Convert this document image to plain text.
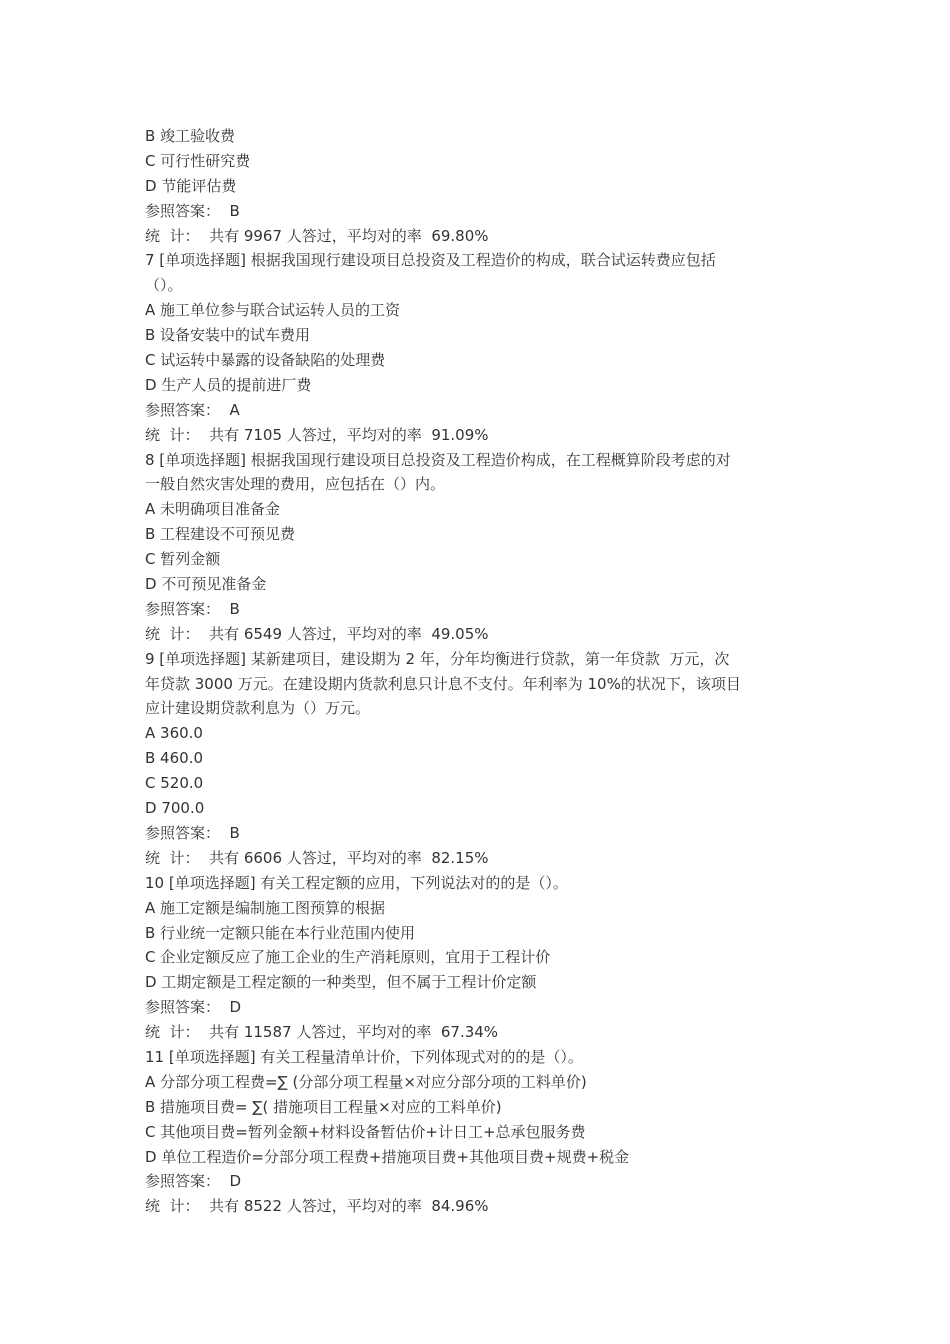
B 竣工验收费
C 可行性研究费
D 节能评估费
参照答案：  B
统  计：  共有 9967 人答过，平均对的率  69.80%
7 [单项选择题] 根据我国现行建设项目总投资及工程造价的构成，联合试运转费应包括
（）。
A 施工单位参与联合试运转人员的工资
B 设备安装中的试车费用
C 试运转中暴露的设备缺陷的处理费
D 生产人员的提前进厂费
参照答案：  A
统  计：  共有 7105 人答过，平均对的率  91.09%
8 [单项选择题] 根据我国现行建设项目总投资及工程造价构成，在工程概算阶段考虑的对
一般自然灾害处理的费用，应包括在（）内。
A 未明确项目准备金
B 工程建设不可预见费
C 暂列金额
D 不可预见准备金
参照答案：  B
统  计：  共有 6549 人答过，平均对的率  49.05%
9 [单项选择题] 某新建项目，建设期为 2 年，分年均衡进行贷款，第一年贷款  万元，次
年贷款 3000 万元。在建设期内货款利息只计息不支付。年利率为 10%的状况下，该项目
应计建设期贷款利息为（）万元。
A 360.0
B 460.0
C 520.0
D 700.0
参照答案：  B
统  计：  共有 6606 人答过，平均对的率  82.15%
10 [单项选择题] 有关工程定额的应用，下列说法对的的是（）。
A 施工定额是编制施工图预算的根据
B 行业统一定额只能在本行业范围内使用
C 企业定额反应了施工企业的生产消耗原则，宜用于工程计价
D 工期定额是工程定额的一种类型，但不属于工程计价定额
参照答案：  D
统  计：  共有 11587 人答过，平均对的率  67.34%
11 [单项选择题] 有关工程量清单计价，下列体现式对的的是（）。
A 分部分项工程费=∑ (分部分项工程量×对应分部分项的工料单价)
B 措施项目费= ∑( 措施项目工程量×对应的工料单价)
C 其他项目费=暂列金额+材料设备暂估价+计日工+总承包服务费
D 单位工程造价=分部分项工程费+措施项目费+其他项目费+规费+税金
参照答案：  D
统  计：  共有 8522 人答过，平均对的率  84.96%
